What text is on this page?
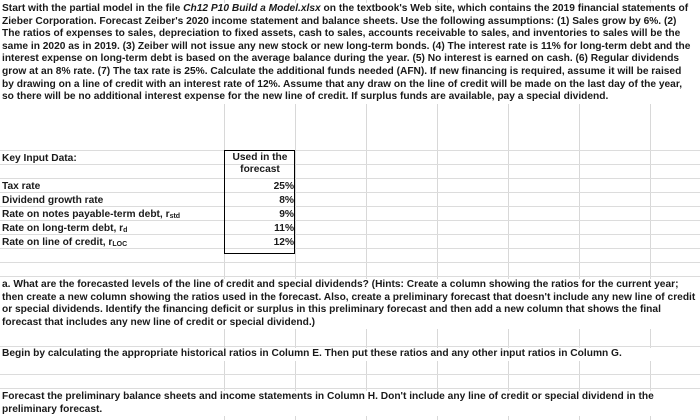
Start with the partial model in the file Ch12 P10 Build a Model.xlsx on the textbook's Web site, which contains the 2019 financial statements of Zieber Corporation. Forecast Zeiber's 2020 income statement and balance sheets. Use the following assumptions: (1) Sales grow by 6%. (2) The ratios of expenses to sales, depreciation to fixed assets, cash to sales, accounts receivable to sales, and inventories to sales will be the same in 2020 as in 2019. (3) Zeiber will not issue any new stock or new long-term bonds. (4) The interest rate is 11% for long-term debt and the interest expense on long-term debt is based on the average balance during the year. (5) No interest is earned on cash. (6) Regular dividends grow at an 8% rate. (7) The tax rate is 25%. Calculate the additional funds needed (AFN). If new financing is required, assume it will be raised by drawing on a line of credit with an interest rate of 12%. Assume that any draw on the line of credit will be made on the last day of the year, so there will be no additional interest expense for the new line of credit. If surplus funds are available, pay a special dividend.

Key Input Data:	Used in the forecast
Tax rate	25%
Dividend growth rate	8%
Rate on notes payable-term debt, $r_{std}$	9%
Rate on long-term debt, $r_d$	11%
Rate on line of credit, $r_{LOC}$	12%

a. What are the forecasted levels of the line of credit and special dividends? (Hints: Create a column showing the ratios for the current year; then create a new column showing the ratios used in the forecast. Also, create a preliminary forecast that doesn't include any new line of credit or special dividends. Identify the financing deficit or surplus in this preliminary forecast and then add a new column that shows the final forecast that includes any new line of credit or special dividend.)

Begin by calculating the appropriate historical ratios in Column E. Then put these ratios and any other input ratios in Column G.

Forecast the preliminary balance sheets and income statements in Column H. Don't include any line of credit or special dividend in the preliminary forecast.
